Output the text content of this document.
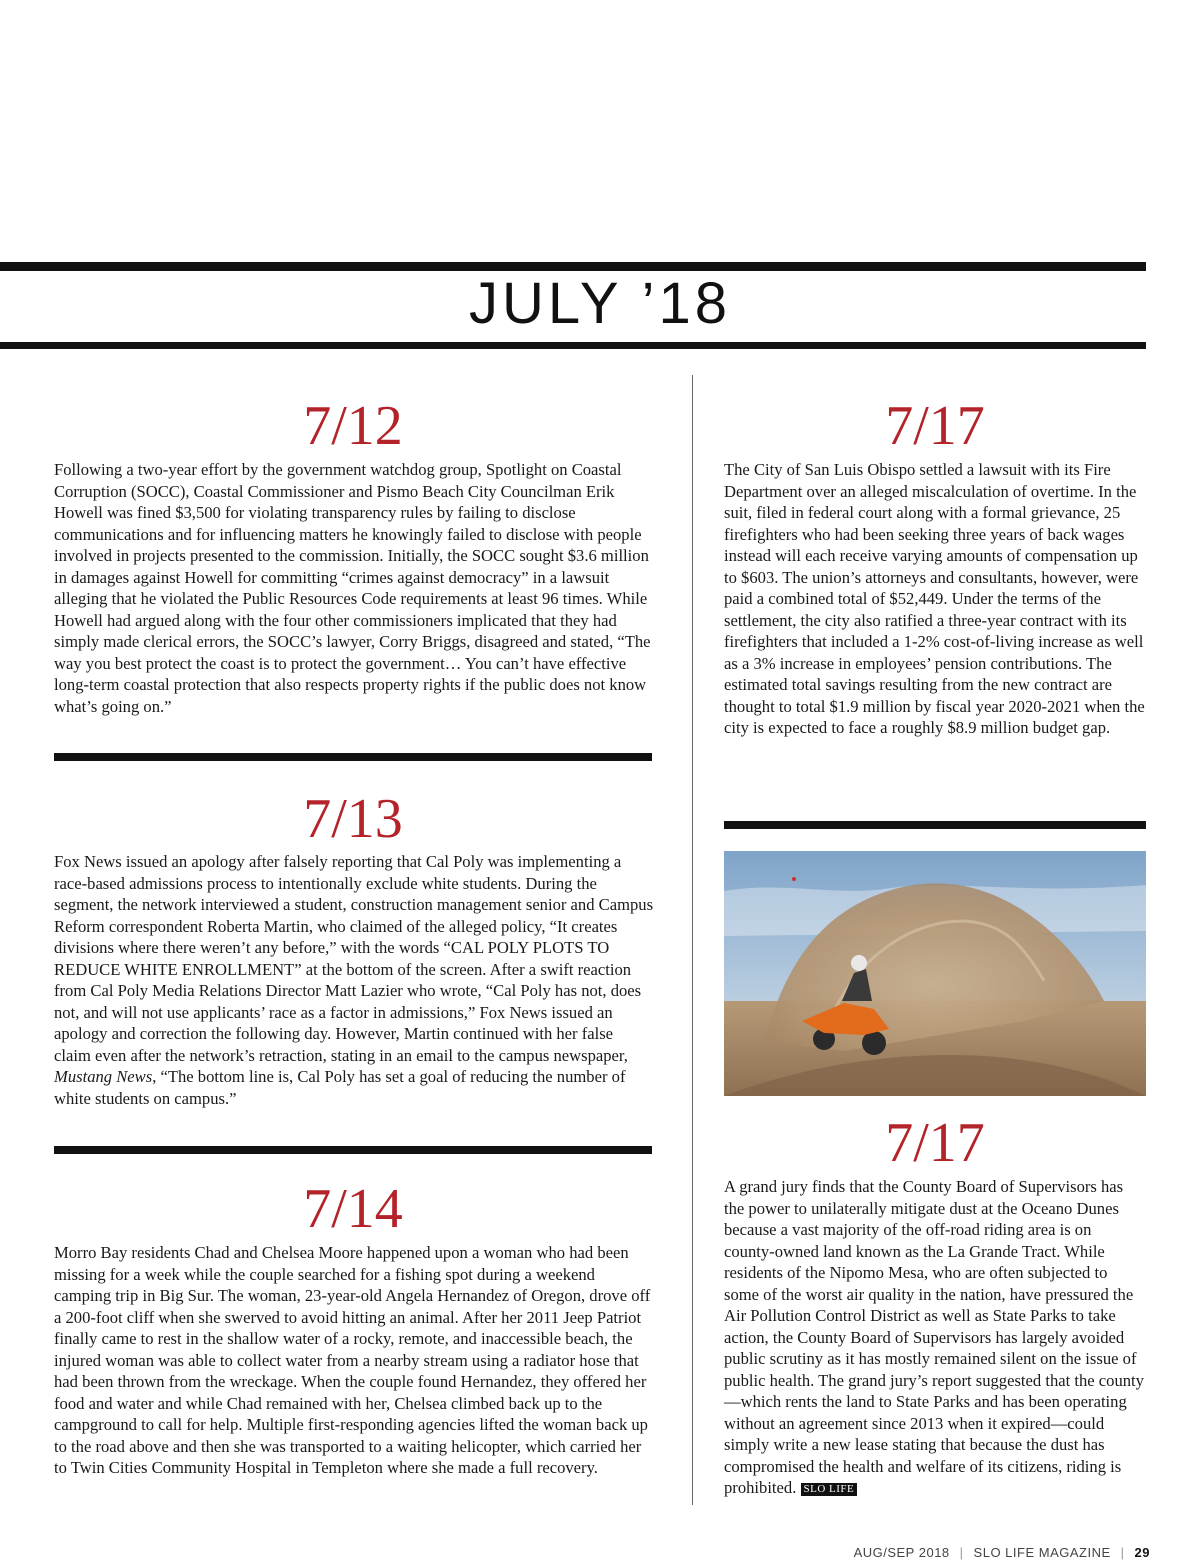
JULY ’18
7/12
Following a two-year effort by the government watchdog group, Spotlight on Coastal Corruption (SOCC), Coastal Commissioner and Pismo Beach City Councilman Erik Howell was fined $3,500 for violating transparency rules by failing to disclose communications and for influencing matters he knowingly failed to disclose with people involved in projects presented to the commission. Initially, the SOCC sought $3.6 million in damages against Howell for committing “crimes against democracy” in a lawsuit alleging that he violated the Public Resources Code requirements at least 96 times. While Howell had argued along with the four other commissioners implicated that they had simply made clerical errors, the SOCC’s lawyer, Corry Briggs, disagreed and stated, “The way you best protect the coast is to protect the government… You can’t have effective long-term coastal protection that also respects property rights if the public does not know what’s going on.”
7/13
Fox News issued an apology after falsely reporting that Cal Poly was implementing a race-based admissions process to intentionally exclude white students. During the segment, the network interviewed a student, construction management senior and Campus Reform correspondent Roberta Martin, who claimed of the alleged policy, “It creates divisions where there weren’t any before,” with the words “CAL POLY PLOTS TO REDUCE WHITE ENROLLMENT” at the bottom of the screen. After a swift reaction from Cal Poly Media Relations Director Matt Lazier who wrote, “Cal Poly has not, does not, and will not use applicants’ race as a factor in admissions,” Fox News issued an apology and correction the following day. However, Martin continued with her false claim even after the network’s retraction, stating in an email to the campus newspaper, Mustang News, “The bottom line is, Cal Poly has set a goal of reducing the number of white students on campus.”
7/14
Morro Bay residents Chad and Chelsea Moore happened upon a woman who had been missing for a week while the couple searched for a fishing spot during a weekend camping trip in Big Sur. The woman, 23-year-old Angela Hernandez of Oregon, drove off a 200-foot cliff when she swerved to avoid hitting an animal. After her 2011 Jeep Patriot finally came to rest in the shallow water of a rocky, remote, and inaccessible beach, the injured woman was able to collect water from a nearby stream using a radiator hose that had been thrown from the wreckage. When the couple found Hernandez, they offered her food and water and while Chad remained with her, Chelsea climbed back up to the campground to call for help. Multiple first-responding agencies lifted the woman back up to the road above and then she was transported to a waiting helicopter, which carried her to Twin Cities Community Hospital in Templeton where she made a full recovery.
7/17
The City of San Luis Obispo settled a lawsuit with its Fire Department over an alleged miscalculation of overtime. In the suit, filed in federal court along with a formal grievance, 25 firefighters who had been seeking three years of back wages instead will each receive varying amounts of compensation up to $603. The union’s attorneys and consultants, however, were paid a combined total of $52,449. Under the terms of the settlement, the city also ratified a three-year contract with its firefighters that included a 1-2% cost-of-living increase as well as a 3% increase in employees’ pension contributions. The estimated total savings resulting from the new contract are thought to total $1.9 million by fiscal year 2020-2021 when the city is expected to face a roughly $8.9 million budget gap.
7/17
A grand jury finds that the County Board of Supervisors has the power to unilaterally mitigate dust at the Oceano Dunes because a vast majority of the off-road riding area is on county-owned land known as the La Grande Tract. While residents of the Nipomo Mesa, who are often subjected to some of the worst air quality in the nation, have pressured the Air Pollution Control District as well as State Parks to take action, the County Board of Supervisors has largely avoided public scrutiny as it has mostly remained silent on the issue of public health. The grand jury’s report suggested that the county—which rents the land to State Parks and has been operating without an agreement since 2013 when it expired—could simply write a new lease stating that because the dust has compromised the health and welfare of its citizens, riding is prohibited. SLO LIFE
AUG/SEP 2018 | SLO LIFE MAGAZINE | 29
